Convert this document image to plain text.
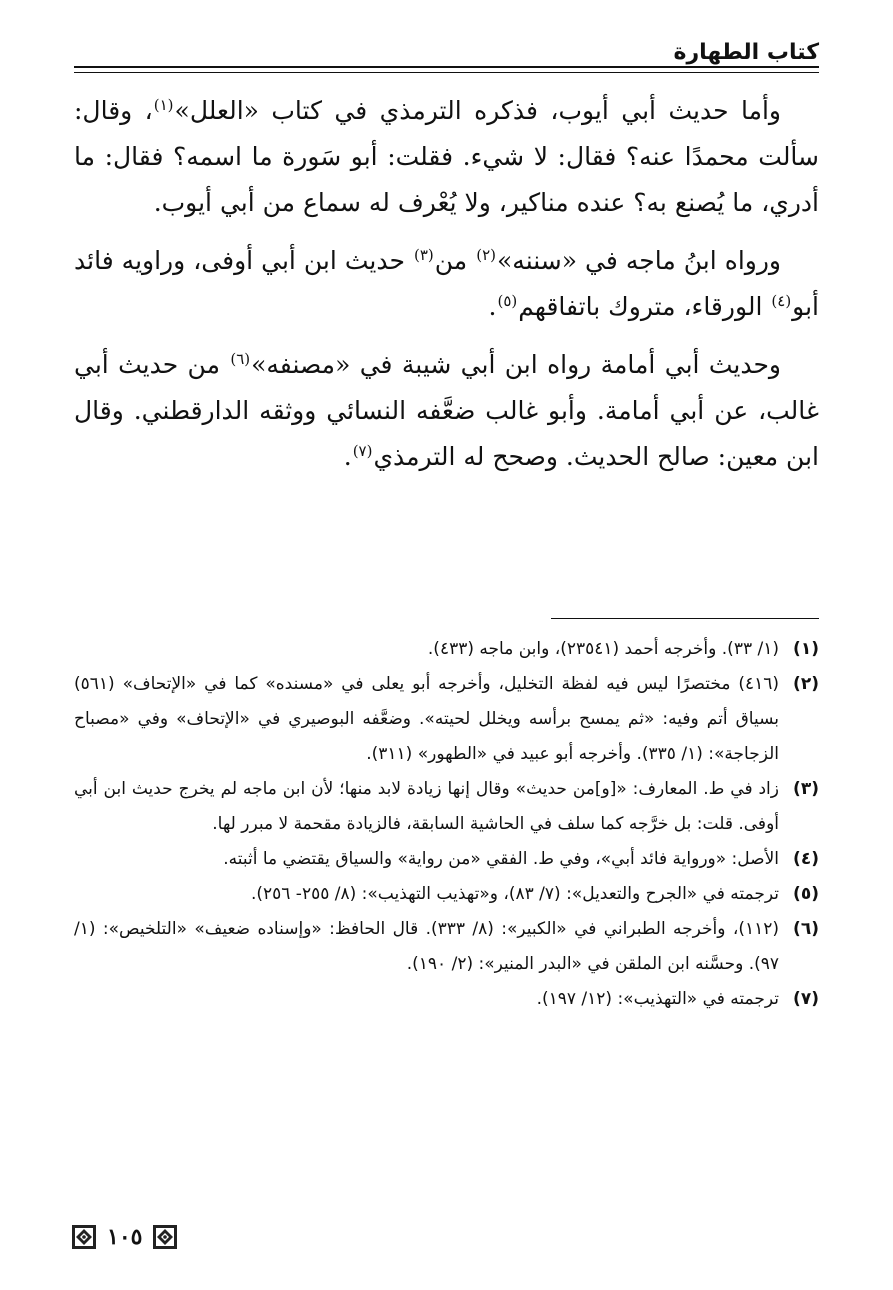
كتاب الطهارة

وأما حديث أبي أيوب، فذكره الترمذي في كتاب «العلل»$^{(١)}$، وقال: سألت محمدًا عنه؟ فقال: لا شيء. فقلت: أبو سَورة ما اسمه؟ فقال: ما أدري، ما يُصنع به؟ عنده مناكير، ولا يُعْرف له سماع من أبي أيوب.

ورواه ابنُ ماجه في «سننه»$^{(٢)}$ من$^{(٣)}$ حديث ابن أبي أوفى، وراويه فائد أبو$^{(٤)}$ الورقاء، متروك باتفاقهم$^{(٥)}$.

وحديث أبي أمامة رواه ابن أبي شيبة في «مصنفه»$^{(٦)}$ من حديث أبي غالب، عن أبي أمامة. وأبو غالب ضعَّفه النسائي ووثقه الدارقطني. وقال ابن معين: صالح الحديث. وصحح له الترمذي$^{(٧)}$.

(١)
(١/ ٣٣). وأخرجه أحمد (٢٣٥٤١)، وابن ماجه (٤٣٣).
(٢)
(٤١٦) مختصرًا ليس فيه لفظة التخليل، وأخرجه أبو يعلى في «مسنده» كما في «الإتحاف» (٥٦١) بسياق أتم وفيه: «ثم يمسح برأسه ويخلل لحيته». وضعَّفه البوصيري في «الإتحاف» وفي «مصباح الزجاجة»: (١/ ٣٣٥). وأخرجه أبو عبيد في «الطهور» (٣١١).
(٣)
زاد في ط. المعارف: «[و]من حديث» وقال إنها زيادة لابد منها؛ لأن ابن ماجه لم يخرج حديث ابن أبي أوفى. قلت: بل خرَّجه كما سلف في الحاشية السابقة، فالزيادة مقحمة لا مبرر لها.
(٤)
الأصل: «ورواية فائد أبي»، وفي ط. الفقي «من رواية» والسياق يقتضي ما أثبته.
(٥)
ترجمته في «الجرح والتعديل»: (٧/ ٨٣)، و«تهذيب التهذيب»: (٨/ ٢٥٥- ٢٥٦).
(٦)
(١١٢)، وأخرجه الطبراني في «الكبير»: (٨/ ٣٣٣). قال الحافظ: «وإسناده ضعيف» «التلخيص»: (١/ ٩٧). وحسَّنه ابن الملقن في «البدر المنير»: (٢/ ١٩٠).
(٧)
ترجمته في «التهذيب»: (١٢/ ١٩٧).
١٠٥
